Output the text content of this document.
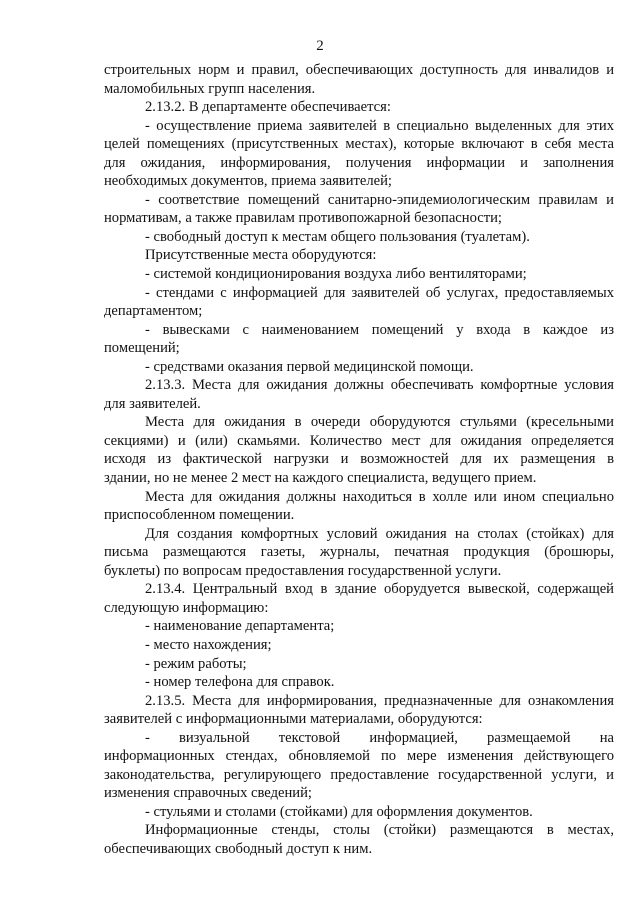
2
строительных норм и правил, обеспечивающих доступность для инвалидов и
маломобильных групп населения.
2.13.2. В департаменте обеспечивается:
- осуществление приема заявителей в специально выделенных для этих
целей помещениях (присутственных местах), которые включают в себя места
для ожидания, информирования, получения информации и заполнения
необходимых документов, приема заявителей;
- соответствие помещений санитарно-эпидемиологическим правилам и
нормативам, а также правилам противопожарной безопасности;
- свободный доступ к местам общего пользования (туалетам).
Присутственные места оборудуются:
- системой кондиционирования воздуха либо вентиляторами;
- стендами с информацией для заявителей об услугах, предоставляемых
департаментом;
- вывесками с наименованием помещений у входа в каждое из
помещений;
- средствами оказания первой медицинской помощи.
2.13.3. Места для ожидания должны обеспечивать комфортные условия
для заявителей.
Места для ожидания в очереди оборудуются стульями (кресельными
секциями) и (или) скамьями. Количество мест для ожидания определяется
исходя из фактической нагрузки и возможностей для их размещения в
здании, но не менее 2 мест на каждого специалиста, ведущего прием.
Места для ожидания должны находиться в холле или ином специально
приспособленном помещении.
Для создания комфортных условий ожидания на столах (стойках) для
письма размещаются газеты, журналы, печатная продукция (брошюры,
буклеты) по вопросам предоставления государственной услуги.
2.13.4. Центральный вход в здание оборудуется вывеской, содержащей
следующую информацию:
- наименование департамента;
- место нахождения;
- режим работы;
- номер телефона для справок.
2.13.5. Места для информирования, предназначенные для ознакомления
заявителей с информационными материалами, оборудуются:
- визуальной текстовой информацией, размещаемой на
информационных стендах, обновляемой по мере изменения действующего
законодательства, регулирующего предоставление государственной услуги, и
изменения справочных сведений;
- стульями и столами (стойками) для оформления документов.
Информационные стенды, столы (стойки) размещаются в местах,
обеспечивающих свободный доступ к ним.
